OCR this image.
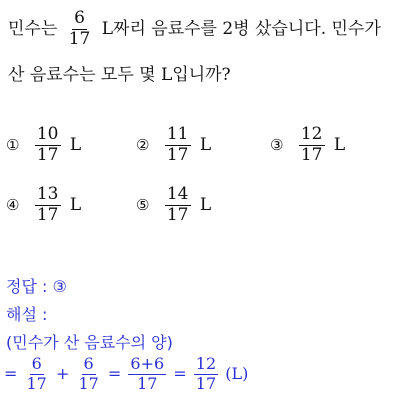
민수는 $\frac{6}{17}$ L짜리 음료수를 2병 샀습니다. 민수가
산 음료수는 모두 몇 L입니까?
① $\frac{10}{17}$ L	② $\frac{11}{17}$ L	③ $\frac{12}{17}$ L
④ $\frac{13}{17}$ L	⑤ $\frac{14}{17}$ L
정답 : ③
해설 :
(민수가 산 음료수의 양)
= $\frac{6}{17} + \frac{6}{17} = \frac{6+6}{17} = \frac{12}{17} (L)$
